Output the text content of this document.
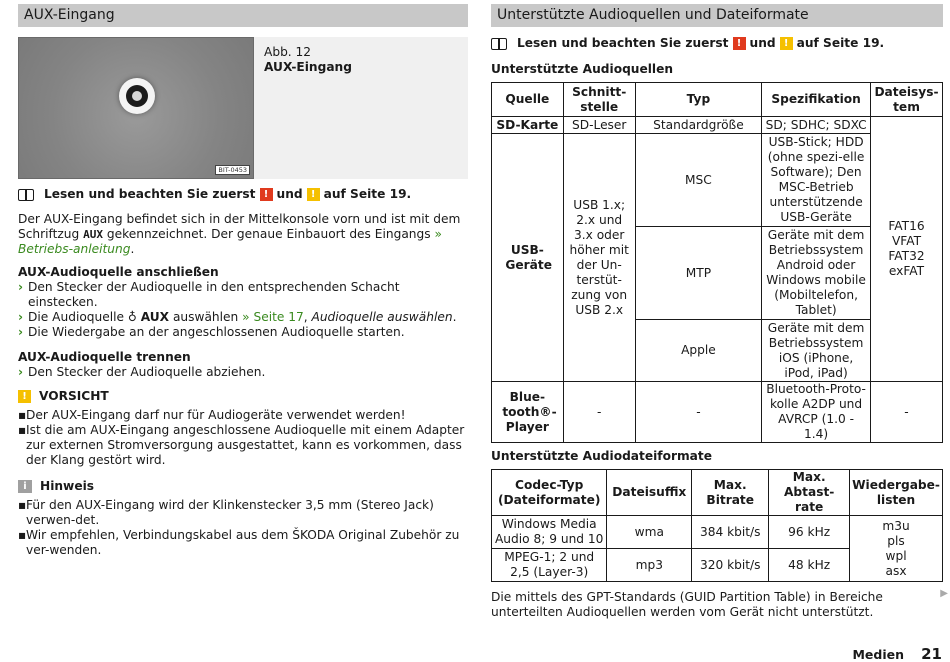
AUX-Eingang
BIT-0453
Abb. 12
AUX-Eingang
Lesen und beachten Sie zuerst ! und ! auf Seite 19.

Der AUX-Eingang befindet sich in der Mittelkonsole vorn und ist mit dem Schriftzug AUX gekennzeichnet. Der genaue Einbauort des Eingangs » Betriebs-anleitung.

AUX-Audioquelle anschließen
› Den Stecker der Audioquelle in den entsprechenden Schacht einstecken.
› Die Audioquelle ♁ AUX auswählen » Seite 17, Audioquelle auswählen.
› Die Wiedergabe an der angeschlossenen Audioquelle starten.
AUX-Audioquelle trennen
› Den Stecker der Audioquelle abziehen.
!	VORSICHT
▪ Der AUX-Eingang darf nur für Audiogeräte verwendet werden!
▪ Ist die am AUX-Eingang angeschlossene Audioquelle mit einem Adapter zur externen Stromversorgung ausgestattet, kann es vorkommen, dass der Klang gestört wird.
i	Hinweis
▪ Für den AUX-Eingang wird der Klinkenstecker 3,5 mm (Stereo Jack) verwen-det.
▪ Wir empfehlen, Verbindungskabel aus dem ŠKODA Original Zubehör zu ver-wenden.
Unterstützte Audioquellen und Dateiformate
Lesen und beachten Sie zuerst ! und ! auf Seite 19.
Unterstützte Audioquellen
Quelle	Schnitt-stelle	Typ	Spezifikation	Dateisys-tem
SD-Karte	SD-Leser	Standardgröße	SD; SDHC; SDXC	FAT16 VFAT FAT32 exFAT

USB-Geräte	USB 1.x; 2.x und 3.x oder höher mit der Un-terstüt-zung von USB 2.x	MSC	USB-Stick; HDD (ohne spezi-elle Software); Den MSC-Betrieb unterstützende USB-Geräte	
		MTP	Geräte mit dem Betriebssystem Android oder Windows mobile (Mobiltelefon, Tablet)	
		Apple	Geräte mit dem Betriebssystem iOS (iPhone, iPod, iPad)	

Blue-tooth®-Player	-	-	Bluetooth-Proto-kolle A2DP und AVRCP (1.0 - 1.4)	-
Unterstützte Audiodateiformate
Codec-Typ (Dateiformate)	Dateisuffix	Max. Bitrate	Max. Abtast-rate	Wiedergabe-listen
Windows Media Audio 8; 9 und 10	wma	384 kbit/s	96 kHz	m3u pls wpl asx

MPEG-1; 2 und 2,5 (Layer-3)	mp3	320 kbit/s	48 kHz	

Die mittels des GPT-Standards (GUID Partition Table) in Bereiche unterteilten Audioquellen werden vom Gerät nicht unterstützt.

▶
Medien 21
